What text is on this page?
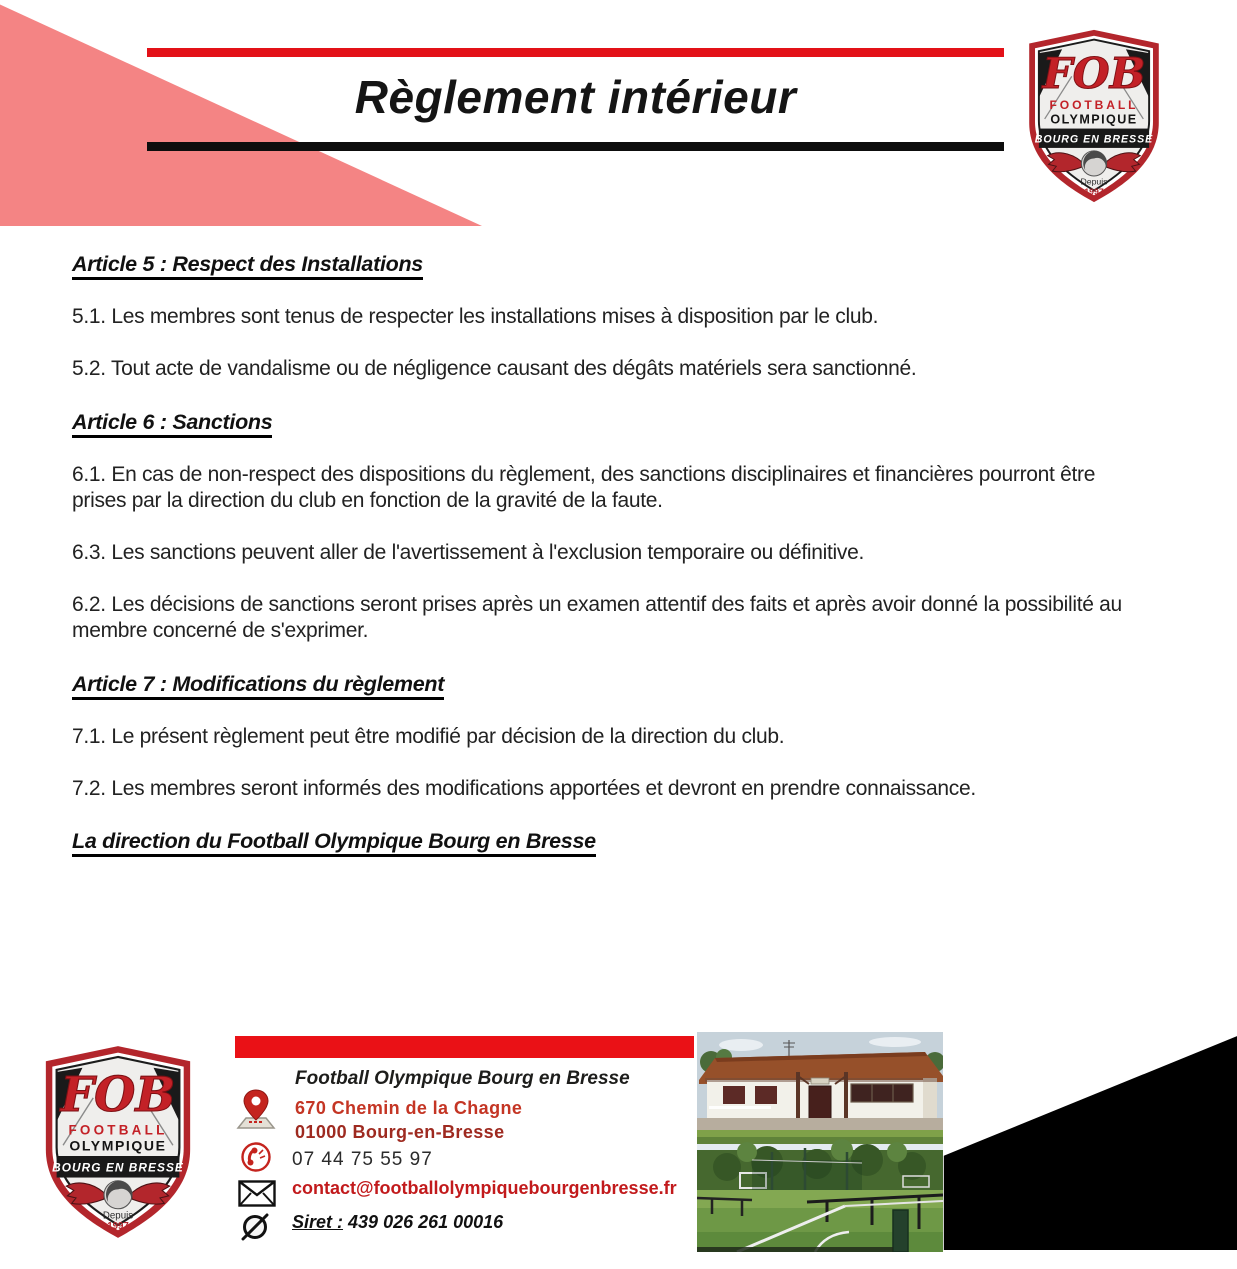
Règlement intérieur	FOB
FOOTBALL
OLYMPIQUE
BOURG EN BRESSE
Depuis
1997
Article 5 : Respect des Installations

5.1. Les membres sont tenus de respecter les installations mises à disposition par le club.

5.2. Tout acte de vandalisme ou de négligence causant des dégâts matériels sera sanctionné.

Article 6 : Sanctions

6.1. En cas de non-respect des dispositions du règlement, des sanctions disciplinaires et financières pourront être prises par la direction du club en fonction de la gravité de la faute.

6.3. Les sanctions peuvent aller de l'avertissement à l'exclusion temporaire ou définitive.

6.2. Les décisions de sanctions seront prises après un examen attentif des faits et après avoir donné la possibilité au membre concerné de s'exprimer.

Article 7 : Modifications du règlement

7.1. Le présent règlement peut être modifié par décision de la direction du club.

7.2. Les membres seront informés des modifications apportées et devront en prendre connaissance.

La direction du Football Olympique Bourg en Bresse

FOB
FOOTBALL
OLYMPIQUE
BOURG EN BRESSE
Depuis
1997
Football Olympique Bourg en Bresse
670 Chemin de la Chagne
01000 Bourg-en-Bresse
07 44 75 55 97
contact@footballolympiquebourgenbresse.fr
Siret : 439 026 261 00016
